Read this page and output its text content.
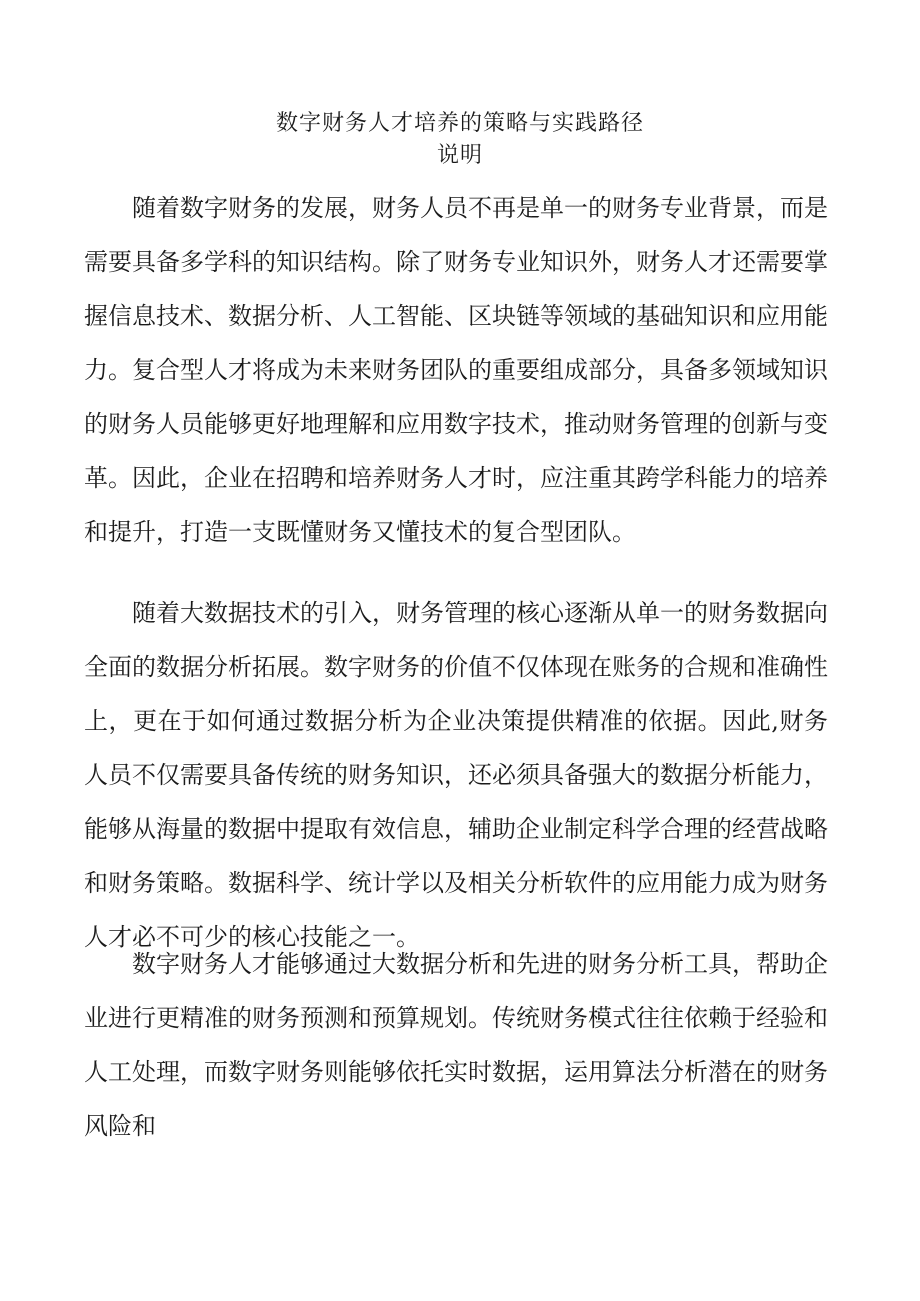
数字财务人才培养的策略与实践路径
说明

随着数字财务的发展，财务人员不再是单一的财务专业背景，而是需要具备多学科的知识结构。除了财务专业知识外，财务人才还需要掌握信息技术、数据分析、人工智能、区块链等领域的基础知识和应用能力。复合型人才将成为未来财务团队的重要组成部分，具备多领域知识的财务人员能够更好地理解和应用数字技术，推动财务管理的创新与变革。因此，企业在招聘和培养财务人才时，应注重其跨学科能力的培养和提升，打造一支既懂财务又懂技术的复合型团队。

随着大数据技术的引入，财务管理的核心逐渐从单一的财务数据向全面的数据分析拓展。数字财务的价值不仅体现在账务的合规和准确性上，更在于如何通过数据分析为企业决策提供精准的依据。因此,财务人员不仅需要具备传统的财务知识，还必须具备强大的数据分析能力，能够从海量的数据中提取有效信息，辅助企业制定科学合理的经营战略和财务策略。数据科学、统计学以及相关分析软件的应用能力成为财务人才必不可少的核心技能之一。

数字财务人才能够通过大数据分析和先进的财务分析工具，帮助企业进行更精准的财务预测和预算规划。传统财务模式往往依赖于经验和人工处理，而数字财务则能够依托实时数据，运用算法分析潜在的财务风险和
